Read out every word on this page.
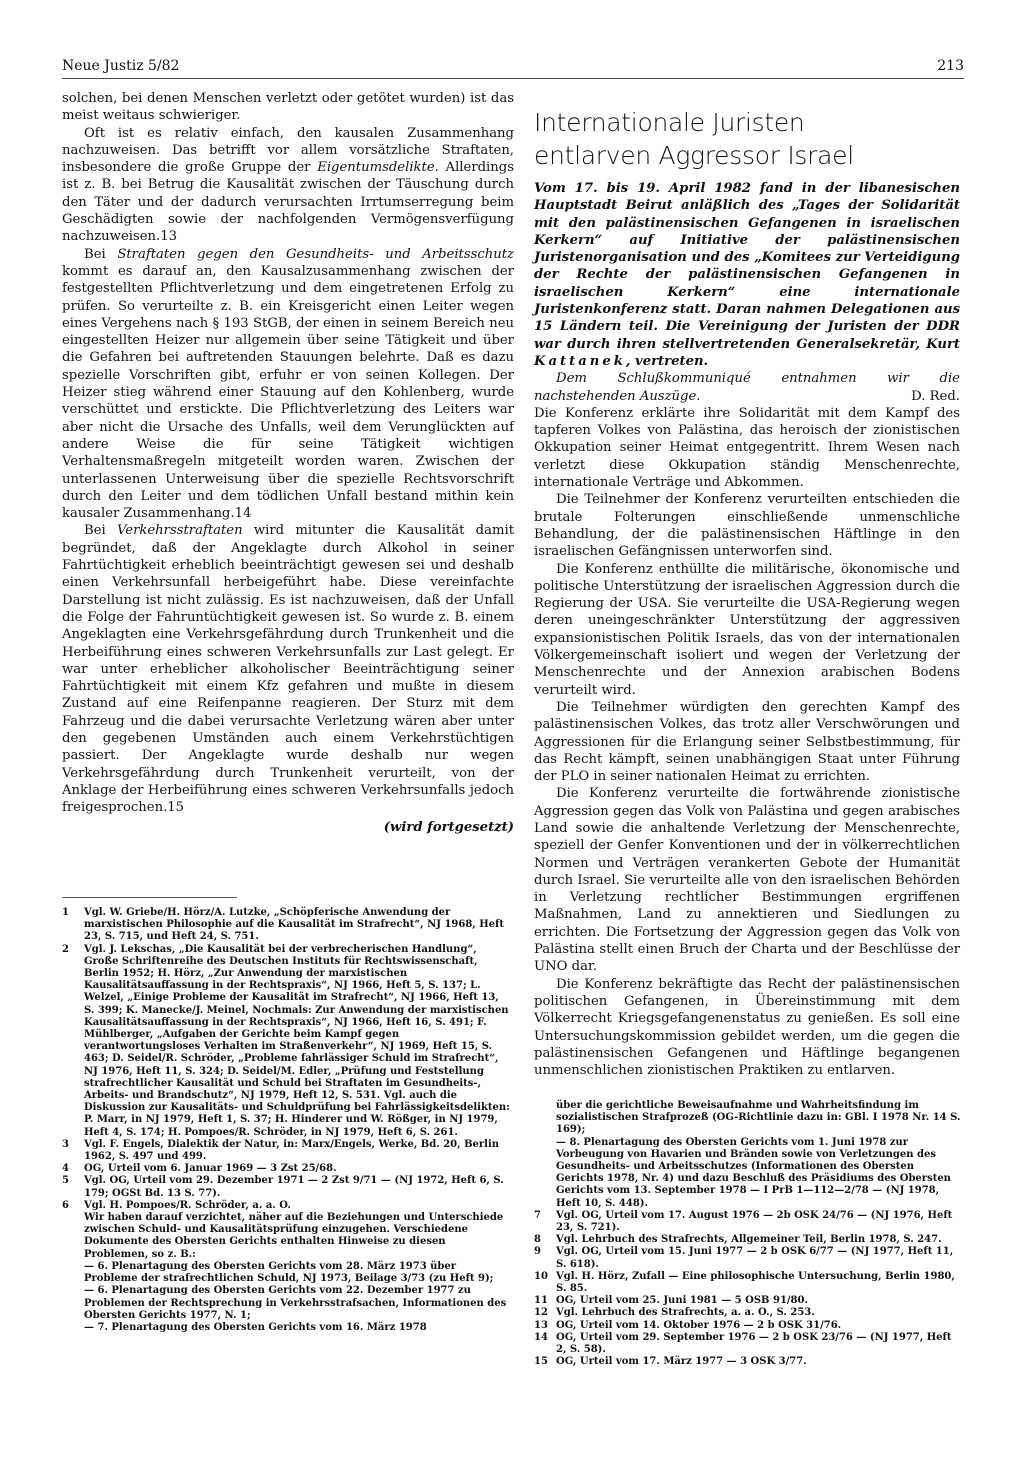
Neue Justiz 5/82	213

solchen, bei denen Menschen verletzt oder getötet wurden) ist das meist weitaus schwieriger.

Oft ist es relativ einfach, den kausalen Zusammenhang nachzuweisen. Das betrifft vor allem vorsätzliche Straftaten, insbesondere die große Gruppe der Eigentumsdelikte. Allerdings ist z. B. bei Betrug die Kausalität zwischen der Täuschung durch den Täter und der dadurch verursachten Irrtumserregung beim Geschädigten sowie der nachfolgenden Vermögensverfügung nachzuweisen.13

Bei Straftaten gegen den Gesundheits- und Arbeitsschutz kommt es darauf an, den Kausalzusammenhang zwischen der festgestellten Pflichtverletzung und dem eingetretenen Erfolg zu prüfen. So verurteilte z. B. ein Kreisgericht einen Leiter wegen eines Vergehens nach § 193 StGB, der einen in seinem Bereich neu eingestellten Heizer nur allgemein über seine Tätigkeit und über die Gefahren bei auftretenden Stauungen belehrte. Daß es dazu spezielle Vorschriften gibt, erfuhr er von seinen Kollegen. Der Heizer stieg während einer Stauung auf den Kohlenberg, wurde verschüttet und erstickte. Die Pflichtverletzung des Leiters war aber nicht die Ursache des Unfalls, weil dem Verunglückten auf andere Weise die für seine Tätigkeit wichtigen Verhaltensmaßregeln mitgeteilt worden waren. Zwischen der unterlassenen Unterweisung über die spezielle Rechtsvorschrift durch den Leiter und dem tödlichen Unfall bestand mithin kein kausaler Zusammenhang.14

Bei Verkehrsstraftaten wird mitunter die Kausalität damit begründet, daß der Angeklagte durch Alkohol in seiner Fahrtüchtigkeit erheblich beeinträchtigt gewesen sei und deshalb einen Verkehrsunfall herbeigeführt habe. Diese vereinfachte Darstellung ist nicht zulässig. Es ist nachzuweisen, daß der Unfall die Folge der Fahruntüchtigkeit gewesen ist. So wurde z. B. einem Angeklagten eine Verkehrsgefährdung durch Trunkenheit und die Herbeiführung eines schweren Verkehrsunfalls zur Last gelegt. Er war unter erheblicher alkoholischer Beeinträchtigung seiner Fahrtüchtigkeit mit einem Kfz gefahren und mußte in diesem Zustand auf eine Reifenpanne reagieren. Der Sturz mit dem Fahrzeug und die dabei verursachte Verletzung wären aber unter den gegebenen Umständen auch einem Verkehrstüchtigen passiert. Der Angeklagte wurde deshalb nur wegen Verkehrsgefährdung durch Trunkenheit verurteilt, von der Anklage der Herbeiführung eines schweren Verkehrsunfalls jedoch freigesprochen.15

(wird fortgesetzt)

Internationale Juristen
entlarven Aggressor Israel

Vom 17. bis 19. April 1982 fand in der libanesischen Hauptstadt Beirut anläßlich des „Tages der Solidarität mit den palästinensischen Gefangenen in israelischen Kerkern“ auf Initiative der palästinensischen Juristenorganisation und des „Komitees zur Verteidigung der Rechte der palästinensischen Gefangenen in israelischen Kerkern“ eine internationale Juristenkonferenz statt. Daran nahmen Delegationen aus 15 Ländern teil. Die Vereinigung der Juristen der DDR war durch ihren stellvertretenden Generalsekretär, Kurt Kattanek, vertreten.

Dem Schlußkommuniqué entnahmen wir die nachstehenden Auszüge.	D. Red.

Die Konferenz erklärte ihre Solidarität mit dem Kampf des tapferen Volkes von Palästina, das heroisch der zionistischen Okkupation seiner Heimat entgegentritt. Ihrem Wesen nach verletzt diese Okkupation ständig Menschenrechte, internationale Verträge und Abkommen.

Die Teilnehmer der Konferenz verurteilten entschieden die brutale Folterungen einschließende unmenschliche Behandlung, der die palästinensischen Häftlinge in den israelischen Gefängnissen unterworfen sind.

Die Konferenz enthüllte die militärische, ökonomische und politische Unterstützung der israelischen Aggression durch die Regierung der USA. Sie verurteilte die USA-Regierung wegen deren uneingeschränkter Unterstützung der aggressiven expansionistischen Politik Israels, das von der internationalen Völkergemeinschaft isoliert und wegen der Verletzung der Menschenrechte und der Annexion arabischen Bodens verurteilt wird.

Die Teilnehmer würdigten den gerechten Kampf des palästinensischen Volkes, das trotz aller Verschwörungen und Aggressionen für die Erlangung seiner Selbstbestimmung, für das Recht kämpft, seinen unabhängigen Staat unter Führung der PLO in seiner nationalen Heimat zu errichten.

Die Konferenz verurteilte die fortwährende zionistische Aggression gegen das Volk von Palästina und gegen arabisches Land sowie die anhaltende Verletzung der Menschenrechte, speziell der Genfer Konventionen und der in völkerrechtlichen Normen und Verträgen verankerten Gebote der Humanität durch Israel. Sie verurteilte alle von den israelischen Behörden in Verletzung rechtlicher Bestimmungen ergriffenen Maßnahmen, Land zu annektieren und Siedlungen zu errichten. Die Fortsetzung der Aggression gegen das Volk von Palästina stellt einen Bruch der Charta und der Beschlüsse der UNO dar.

Die Konferenz bekräftigte das Recht der palästinensischen politischen Gefangenen, in Übereinstimmung mit dem Völkerrecht Kriegsgefangenenstatus zu genießen. Es soll eine Untersuchungskommission gebildet werden, um die gegen die palästinensischen Gefangenen und Häftlinge begangenen unmenschlichen zionistischen Praktiken zu entlarven.

1	Vgl. W. Griebe/H. Hörz/A. Lutzke, „Schöpferische Anwendung der marxistischen Philosophie auf die Kausalität im Strafrecht“, NJ 1968, Heft 23, S. 715, und Heft 24, S. 751.
2	Vgl. J. Lekschas, „Die Kausalität bei der verbrecherischen Handlung“, Große Schriftenreihe des Deutschen Instituts für Rechtswissenschaft, Berlin 1952; H. Hörz, „Zur Anwendung der marxistischen Kausalitätsauffassung in der Rechtspraxis“, NJ 1966, Heft 5, S. 137; L. Welzel, „Einige Probleme der Kausalität im Strafrecht“, NJ 1966, Heft 13, S. 399; K. Manecke/J. Meinel, Nochmals: Zur Anwendung der marxistischen Kausalitätsauffassung in der Rechtspraxis“, NJ 1966, Heft 16, S. 491; F. Mühlberger, „Aufgaben der Gerichte beim Kampf gegen verantwortungsloses Verhalten im Straßenverkehr“, NJ 1969, Heft 15, S. 463; D. Seidel/R. Schröder, „Probleme fahrlässiger Schuld im Strafrecht“, NJ 1976, Heft 11, S. 324; D. Seidel/M. Edler, „Prüfung und Feststellung strafrechtlicher Kausalität und Schuld bei Straftaten im Gesundheits-, Arbeits- und Brandschutz“, NJ 1979, Heft 12, S. 531. Vgl. auch die Diskussion zur Kausalitäts- und Schuldprüfung bei Fahrlässigkeitsdelikten: P. Marr, in NJ 1979, Heft 1, S. 37; H. Hinderer und W. Rößger, in NJ 1979, Heft 4, S. 174; H. Pompoes/R. Schröder, in NJ 1979, Heft 6, S. 261.
3	Vgl. F. Engels, Dialektik der Natur, in: Marx/Engels, Werke, Bd. 20, Berlin 1962, S. 497 und 499.
4	OG, Urteil vom 6. Januar 1969 — 3 Zst 25/68.
5	Vgl. OG, Urteil vom 29. Dezember 1971 — 2 Zst 9/71 — (NJ 1972, Heft 6, S. 179; OGSt Bd. 13 S. 77).
6	Vgl. H. Pompoes/R. Schröder, a. a. O.
Wir haben darauf verzichtet, näher auf die Beziehungen und Unterschiede zwischen Schuld- und Kausalitätsprüfung einzugehen. Verschiedene Dokumente des Obersten Gerichts enthalten Hinweise zu diesen Problemen, so z. B.:
— 6. Plenartagung des Obersten Gerichts vom 28. März 1973 über Probleme der strafrechtlichen Schuld, NJ 1973, Beilage 3/73 (zu Heft 9);
— 6. Plenartagung des Obersten Gerichts vom 22. Dezember 1977 zu Problemen der Rechtsprechung in Verkehrsstrafsachen, Informationen des Obersten Gerichts 1977, N. 1;
— 7. Plenartagung des Obersten Gerichts vom 16. März 1978
über die gerichtliche Beweisaufnahme und Wahrheitsfindung im sozialistischen Strafprozeß (OG-Richtlinie dazu in: GBl. I 1978 Nr. 14 S. 169);
— 8. Plenartagung des Obersten Gerichts vom 1. Juni 1978 zur Vorbeugung von Havarien und Bränden sowie von Verletzungen des Gesundheits- und Arbeitsschutzes (Informationen des Obersten Gerichts 1978, Nr. 4) und dazu Beschluß des Präsidiums des Obersten Gerichts vom 13. September 1978 — I PrB 1—112—2/78 — (NJ 1978, Heft 10, S. 448).
7	Vgl. OG, Urteil vom 17. August 1976 — 2b OSK 24/76 — (NJ 1976, Heft 23, S. 721).
8	Vgl. Lehrbuch des Strafrechts, Allgemeiner Teil, Berlin 1978, S. 247.
9	Vgl. OG, Urteil vom 15. Juni 1977 — 2 b OSK 6/77 — (NJ 1977, Heft 11, S. 618).
10 Vgl. H. Hörz, Zufall — Eine philosophische Untersuchung, Berlin 1980, S. 85.
11 OG, Urteil vom 25. Juni 1981 — 5 OSB 91/80.
12 Vgl. Lehrbuch des Strafrechts, a. a. O., S. 253.
13 OG, Urteil vom 14. Oktober 1976 — 2 b OSK 31/76.
14 OG, Urteil vom 29. September 1976 — 2 b OSK 23/76 — (NJ 1977, Heft 2, S. 58).
15 OG, Urteil vom 17. März 1977 — 3 OSK 3/77.
